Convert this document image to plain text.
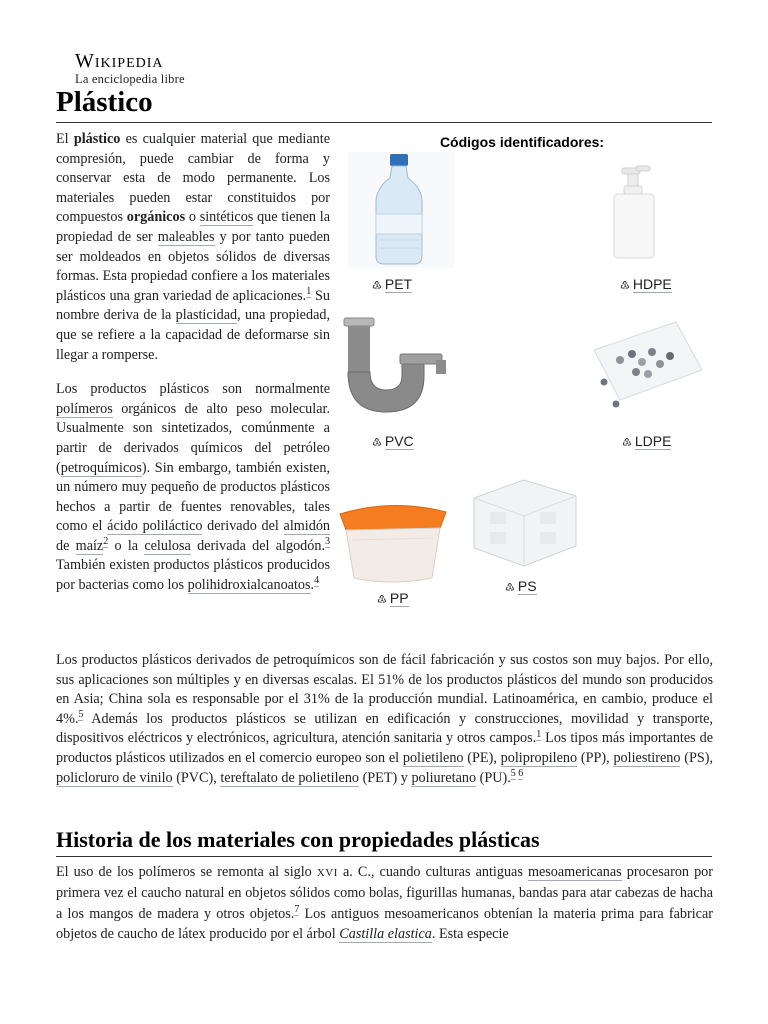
Wikipedia
La enciclopedia libre
Plástico

El plástico es cualquier material que mediante compresión, puede cambiar de forma y conservar esta de modo permanente. Los materiales pueden estar constituidos por compuestos orgánicos o sintéticos que tienen la propiedad de ser maleables y por tanto pueden ser moldeados en objetos sólidos de diversas formas. Esta propiedad confiere a los materiales plásticos una gran variedad de aplicaciones.$^1$ Su nombre deriva de la plasticidad, una propiedad, que se refiere a la capacidad de deformarse sin llegar a romperse.

Los productos plásticos son normalmente polímeros orgánicos de alto peso molecular. Usualmente son sintetizados, comúnmente a partir de derivados químicos del petróleo (petroquímicos). Sin embargo, también existen, un número muy pequeño de productos plásticos hechos a partir de fuentes renovables, tales como el ácido poliláctico derivado del almidón de maíz$^2$ o la celulosa derivada del algodón.$^3$ También existen productos plásticos producidos por bacterias como los polihidroxialcanoatos.$^4$

Códigos identificadores:
♳ PET	♳ HDPE
♳ PVC	♳ LDPE
♳ PP
♳ PS

Los productos plásticos derivados de petroquímicos son de fácil fabricación y sus costos son muy bajos. Por ello, sus aplicaciones son múltiples y en diversas escalas. El 51% de los productos plásticos del mundo son producidos en Asia; China sola es responsable por el 31% de la producción mundial. Latinoamérica, en cambio, produce el 4%.$^5$ Además los productos plásticos se utilizan en edificación y construcciones, movilidad y transporte, dispositivos eléctricos y electrónicos, agricultura, atención sanitaria y otros campos.$^1$ Los tipos más importantes de productos plásticos utilizados en el comercio europeo son el polietileno (PE), polipropileno (PP), poliestireno (PS), policloruro de vinilo (PVC), tereftalato de polietileno (PET) y poliuretano (PU).$^{5 6}$

Historia de los materiales con propiedades plásticas

El uso de los polímeros se remonta al siglo XVI a. C., cuando culturas antiguas mesoamericanas procesaron por primera vez el caucho natural en objetos sólidos como bolas, figurillas humanas, bandas para atar cabezas de hacha a los mangos de madera y otros objetos.$^7$ Los antiguos mesoamericanos obtenían la materia prima para fabricar objetos de caucho de látex producido por el árbol Castilla elastica. Esta especie
